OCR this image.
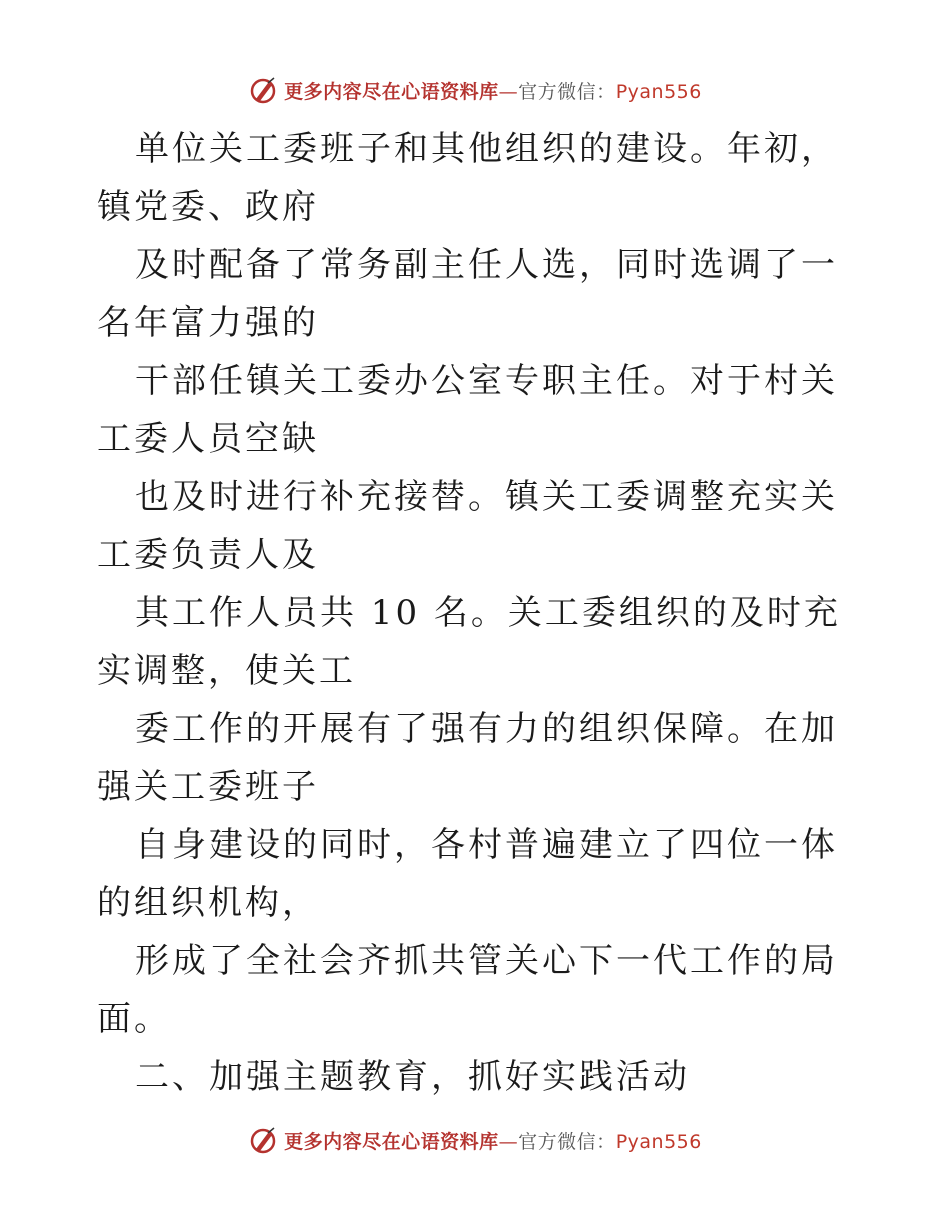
更多内容尽在心语资料库—官方微信：Pyan556

单位关工委班子和其他组织的建设。年初，镇党委、政府

及时配备了常务副主任人选，同时选调了一名年富力强的

干部任镇关工委办公室专职主任。对于村关工委人员空缺

也及时进行补充接替。镇关工委调整充实关工委负责人及

其工作人员共 10 名。关工委组织的及时充实调整，使关工

委工作的开展有了强有力的组织保障。在加强关工委班子

自身建设的同时，各村普遍建立了四位一体的组织机构，

形成了全社会齐抓共管关心下一代工作的局面。

二、加强主题教育，抓好实践活动

更多内容尽在心语资料库—官方微信：Pyan556
